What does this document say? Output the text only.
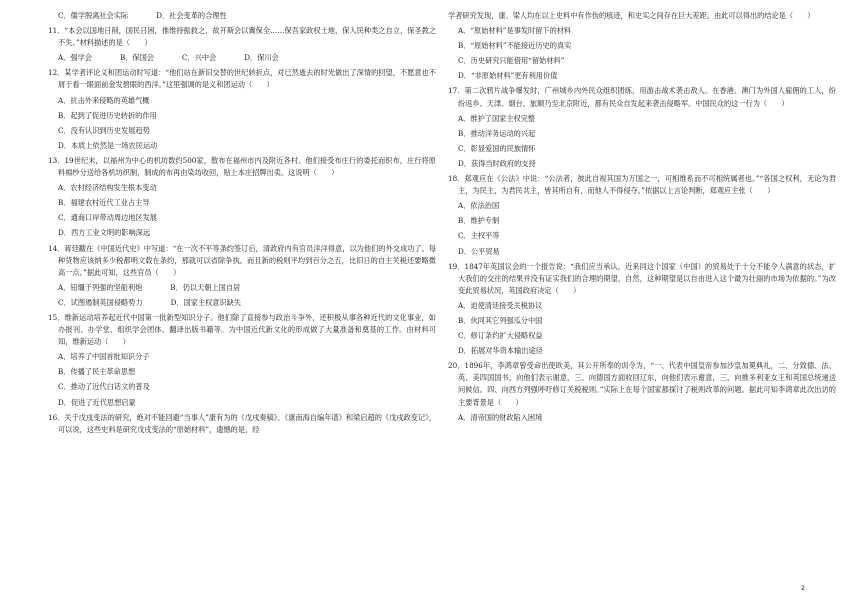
C．儒学脱离社会实际	D．社会变革的合理性

11．“本会以国地日削，国民日困，推维持振救之，故开斯会以冀保全……保吾家政权土地，保人民种类之自立，保圣教之不失。”材料描述的是（　　）

A．强学会	B．保国会	C．兴中会	D．保川会

12．某学者评论义和团运动时写道：“他们站在新旧交替的世纪转折点，对已然逝去的时光做出了深情的回望，不愿意也不屑于看一眼面前金发碧眼的西洋。”这里强调的是义和团运动（　　）

A．抗击外来侵略的英雄气概
B．起到了促进历史转折的作用
C．没有认识到历史发展趋势
D．本质上依然是一场农民运动

13．19世纪末，以福州为中心的机坊数约500家，散布在福州市内及附近各村。他们接受布庄行的委托而织布，庄行将原料棉纱分送给各机坊织制，制成的布再由染坊收回，贴上本庄招牌出卖。这说明（　　）

A．农村经济结构发生根本变动
B．福建农村近代工业占主导
C．通商口岸带动周边地区发展
D．西方工业文明的影响深远

14．蒋廷黻在《中国近代史》中写道：“在一次不平等条约签订后，清政府内有官员洋洋得意，以为他们的外交成功了。每种货物应该纳多少税都明文载在条约，那就可以省除争执。而且新的税则平均到百分之五，比旧日的自主关税还要略微高一点。”据此可知，这些官员（　　）

A．钮缰于列强的坚船利炮	B．仍以天朝上国自居
C．试图遏制英国侵略势力	D．国家主权意识缺失

15．维新运动培养起近代中国第一批新型知识分子。他们除了直接参与政治斗争外，还积极从事各种近代的文化事业，如办报刊、办学堂、组织学会团体、翻译出版书籍等。为中国近代新文化的形成做了大量准备和奠基的工作。由材料可知，维新运动（　　）

A．培养了中国首批知识分子
B．传播了民主革命思想
C．推动了近代白话文的普及
D．促进了近代思想启蒙

16．关于戊戌变法的研究，绝对不能回避“当事人”康有为的《戊戌奏稿》、《康南海自编年谱》和梁启超的《戊戌政变记》，可以说，这些史料是研究戊戌变法的“原始材料”，遗憾的是，经

学者研究发现，康、梁人均在以上史料中有作伪的痕迹，和史实之间存在巨大差距。由此可以得出的结论是（　　）

A．“原始材料”是事发时留下的材料
B．“原始材料”不能接近历史的真实
C．历史研究只能借用“留始材料”
D．“非原始材料”更有利用价值

17．第二次鸦片战争爆发时，广州城乡内外民众组织团练，用游击战术袭击敌人。在香港、澳门为外国人雇佣的工人，纷纷返乡。天津、烟台、旅顺乃至北京附近，都有民众自发起来袭击侵略军。中国民众的这一行为（　　）

A．维护了国家主权完整
B．推动洋务运动的兴起
C．彰显爱国的民族情怀
D．获得当时政府的支持

18．郑观应在《公法》中说：“公法者，彼此自视其国为万国之一，可相维系而不可相统属者也。”“各国之权利，无论为君主，为民主，为君民共主，皆其所自有，而他人不得侵夺。”依据以上言论判断，郑观应主张（　　）

A．依法治国
B．维护专制
C．主权平等
D．公平贸易

19．1847年英国议会的一个报告说：“我们应当承认，近来同这个国家（中国）的贸易处于十分不能令人满意的状态，扩大我们的交往的结果并没有证实我们的合理的期望，自然，这种期望是以自由进入这个最为壮丽的市场为依据的。”为改变此贸易状况，英国政府决定（　　）

A．迫使清廷接受关税协议
B．伙同其它列强瓜分中国
C．修订条约扩大侵略权益
D．拓展对华资本输出途径

20．1896年，李鸿章曾受命出使欧美，其公开所奉的训令为，“一、代表中国皇帝参加沙皇加冕典礼，二、分致德、法、英、美四国国书，向他们表示谢意，三、向德国方面收回辽东，向他们表示谢意，三、向推多利亚女王和英国总统递送问候信。四、向西方列强呼吁修订关税税则。”实际上在每个国家都探讨了税则改革的问题。据此可知李鸿章此次出访的主要背景是（　　）

A．清帝国的财政陷入困境
2
